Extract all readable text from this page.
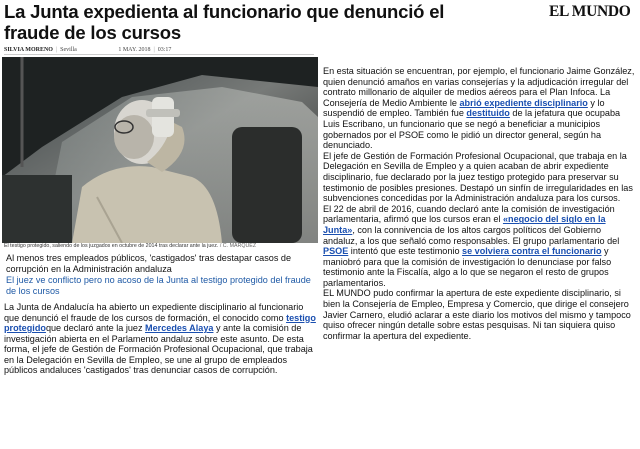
La Junta expedienta al funcionario que denunció el fraude de los cursos
EL MUNDO
SILVIA MORENO | Sevilla	1 MAY. 2018 | 03:17
El testigo protegido, saliendo de los juzgados en octubre de 2014 tras declarar ante la juez. / C. MÁRQUEZ
Al menos tres empleados públicos, 'castigados' tras destapar casos de corrupción en la Administración andaluza
El juez ve conflicto pero no acoso de la Junta al testigo protegido del fraude de los cursos

La Junta de Andalucía ha abierto un expediente disciplinario al funcionario que denunció el fraude de los cursos de formación, el conocido como testigo protegidoque declaró ante la juez Mercedes Alaya y ante la comisión de investigación abierta en el Parlamento andaluz sobre este asunto. De esta forma, el jefe de Gestión de Formación Profesional Ocupacional, que trabaja en la Delegación en Sevilla de Empleo, se une al grupo de empleados públicos andaluces 'castigados' tras denunciar casos de corrupción.

En esta situación se encuentran, por ejemplo, el funcionario Jaime González, quien denunció amaños en varias consejerías y la adjudicación irregular del contrato millonario de alquiler de medios aéreos para el Plan Infoca. La Consejería de Medio Ambiente le abrió expediente disciplinario y lo suspendió de empleo. También fue destituido de la jefatura que ocupaba Luis Escribano, un funcionario que se negó a beneficiar a municipios gobernados por el PSOE como le pidió un director general, según ha denunciado.

El jefe de Gestión de Formación Profesional Ocupacional, que trabaja en la Delegación en Sevilla de Empleo y a quien acaban de abrir expediente disciplinario, fue declarado por la juez testigo protegido para preservar su testimonio de posibles presiones. Destapó un sinfín de irregularidades en las subvenciones concedidas por la Administración andaluza para los cursos.

El 22 de abril de 2016, cuando declaró ante la comisión de investigación parlamentaria, afirmó que los cursos eran el «negocio del siglo en la Junta», con la connivencia de los altos cargos políticos del Gobierno andaluz, a los que señaló como responsables. El grupo parlamentario del PSOE intentó que este testimonio se volviera contra el funcionario y maniobró para que la comisión de investigación lo denunciase por falso testimonio ante la Fiscalía, algo a lo que se negaron el resto de grupos parlamentarios.

EL MUNDO pudo confirmar la apertura de este expediente disciplinario, si bien la Consejería de Empleo, Empresa y Comercio, que dirige el consejero Javier Carnero, eludió aclarar a este diario los motivos del mismo y tampoco quiso ofrecer ningún detalle sobre estas pesquisas. Ni tan siquiera quiso confirmar la apertura del expediente.
